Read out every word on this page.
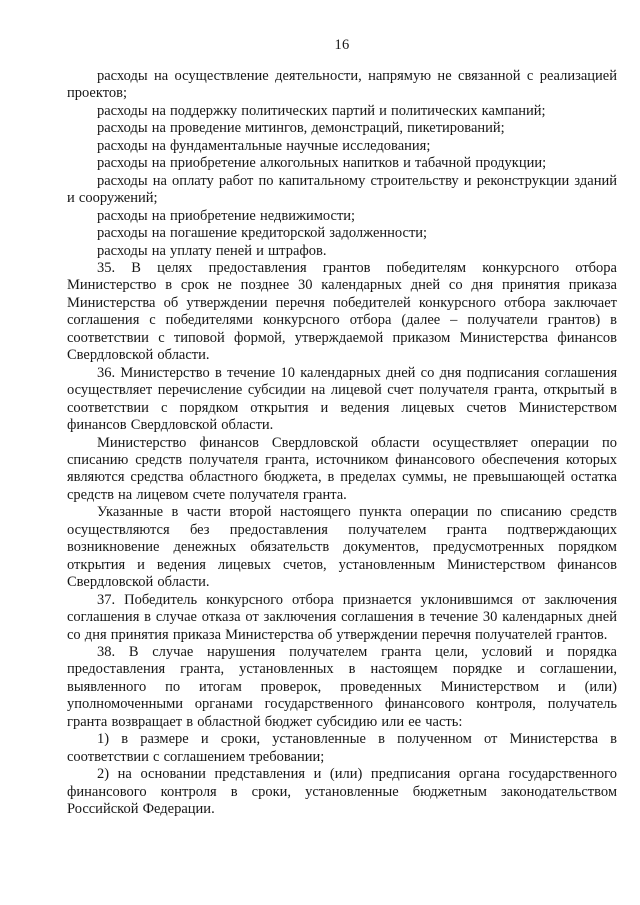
16

расходы на осуществление деятельности, напрямую не связанной с реализацией проектов;

расходы на поддержку политических партий и политических кампаний;

расходы на проведение митингов, демонстраций, пикетирований;

расходы на фундаментальные научные исследования;

расходы на приобретение алкогольных напитков и табачной продукции;

расходы на оплату работ по капитальному строительству и реконструкции зданий и сооружений;

расходы на приобретение недвижимости;

расходы на погашение кредиторской задолженности;

расходы на уплату пеней и штрафов.

35. В целях предоставления грантов победителям конкурсного отбора Министерство в срок не позднее 30 календарных дней со дня принятия приказа Министерства об утверждении перечня победителей конкурсного отбора заключает соглашения с победителями конкурсного отбора (далее – получатели грантов) в соответствии с типовой формой, утверждаемой приказом Министерства финансов Свердловской области.

36. Министерство в течение 10 календарных дней со дня подписания соглашения осуществляет перечисление субсидии на лицевой счет получателя гранта, открытый в соответствии с порядком открытия и ведения лицевых счетов Министерством финансов Свердловской области.

Министерство финансов Свердловской области осуществляет операции по списанию средств получателя гранта, источником финансового обеспечения которых являются средства областного бюджета, в пределах суммы, не превышающей остатка средств на лицевом счете получателя гранта.

Указанные в части второй настоящего пункта операции по списанию средств осуществляются без предоставления получателем гранта подтверждающих возникновение денежных обязательств документов, предусмотренных порядком открытия и ведения лицевых счетов, установленным Министерством финансов Свердловской области.

37. Победитель конкурсного отбора признается уклонившимся от заключения соглашения в случае отказа от заключения соглашения в течение 30 календарных дней со дня принятия приказа Министерства об утверждении перечня получателей грантов.

38. В случае нарушения получателем гранта цели, условий и порядка предоставления гранта, установленных в настоящем порядке и соглашении, выявленного по итогам проверок, проведенных Министерством и (или) уполномоченными органами государственного финансового контроля, получатель гранта возвращает в областной бюджет субсидию или ее часть:

1) в размере и сроки, установленные в полученном от Министерства в соответствии с соглашением требовании;

2) на основании представления и (или) предписания органа государственного финансового контроля в сроки, установленные бюджетным законодательством Российской Федерации.
